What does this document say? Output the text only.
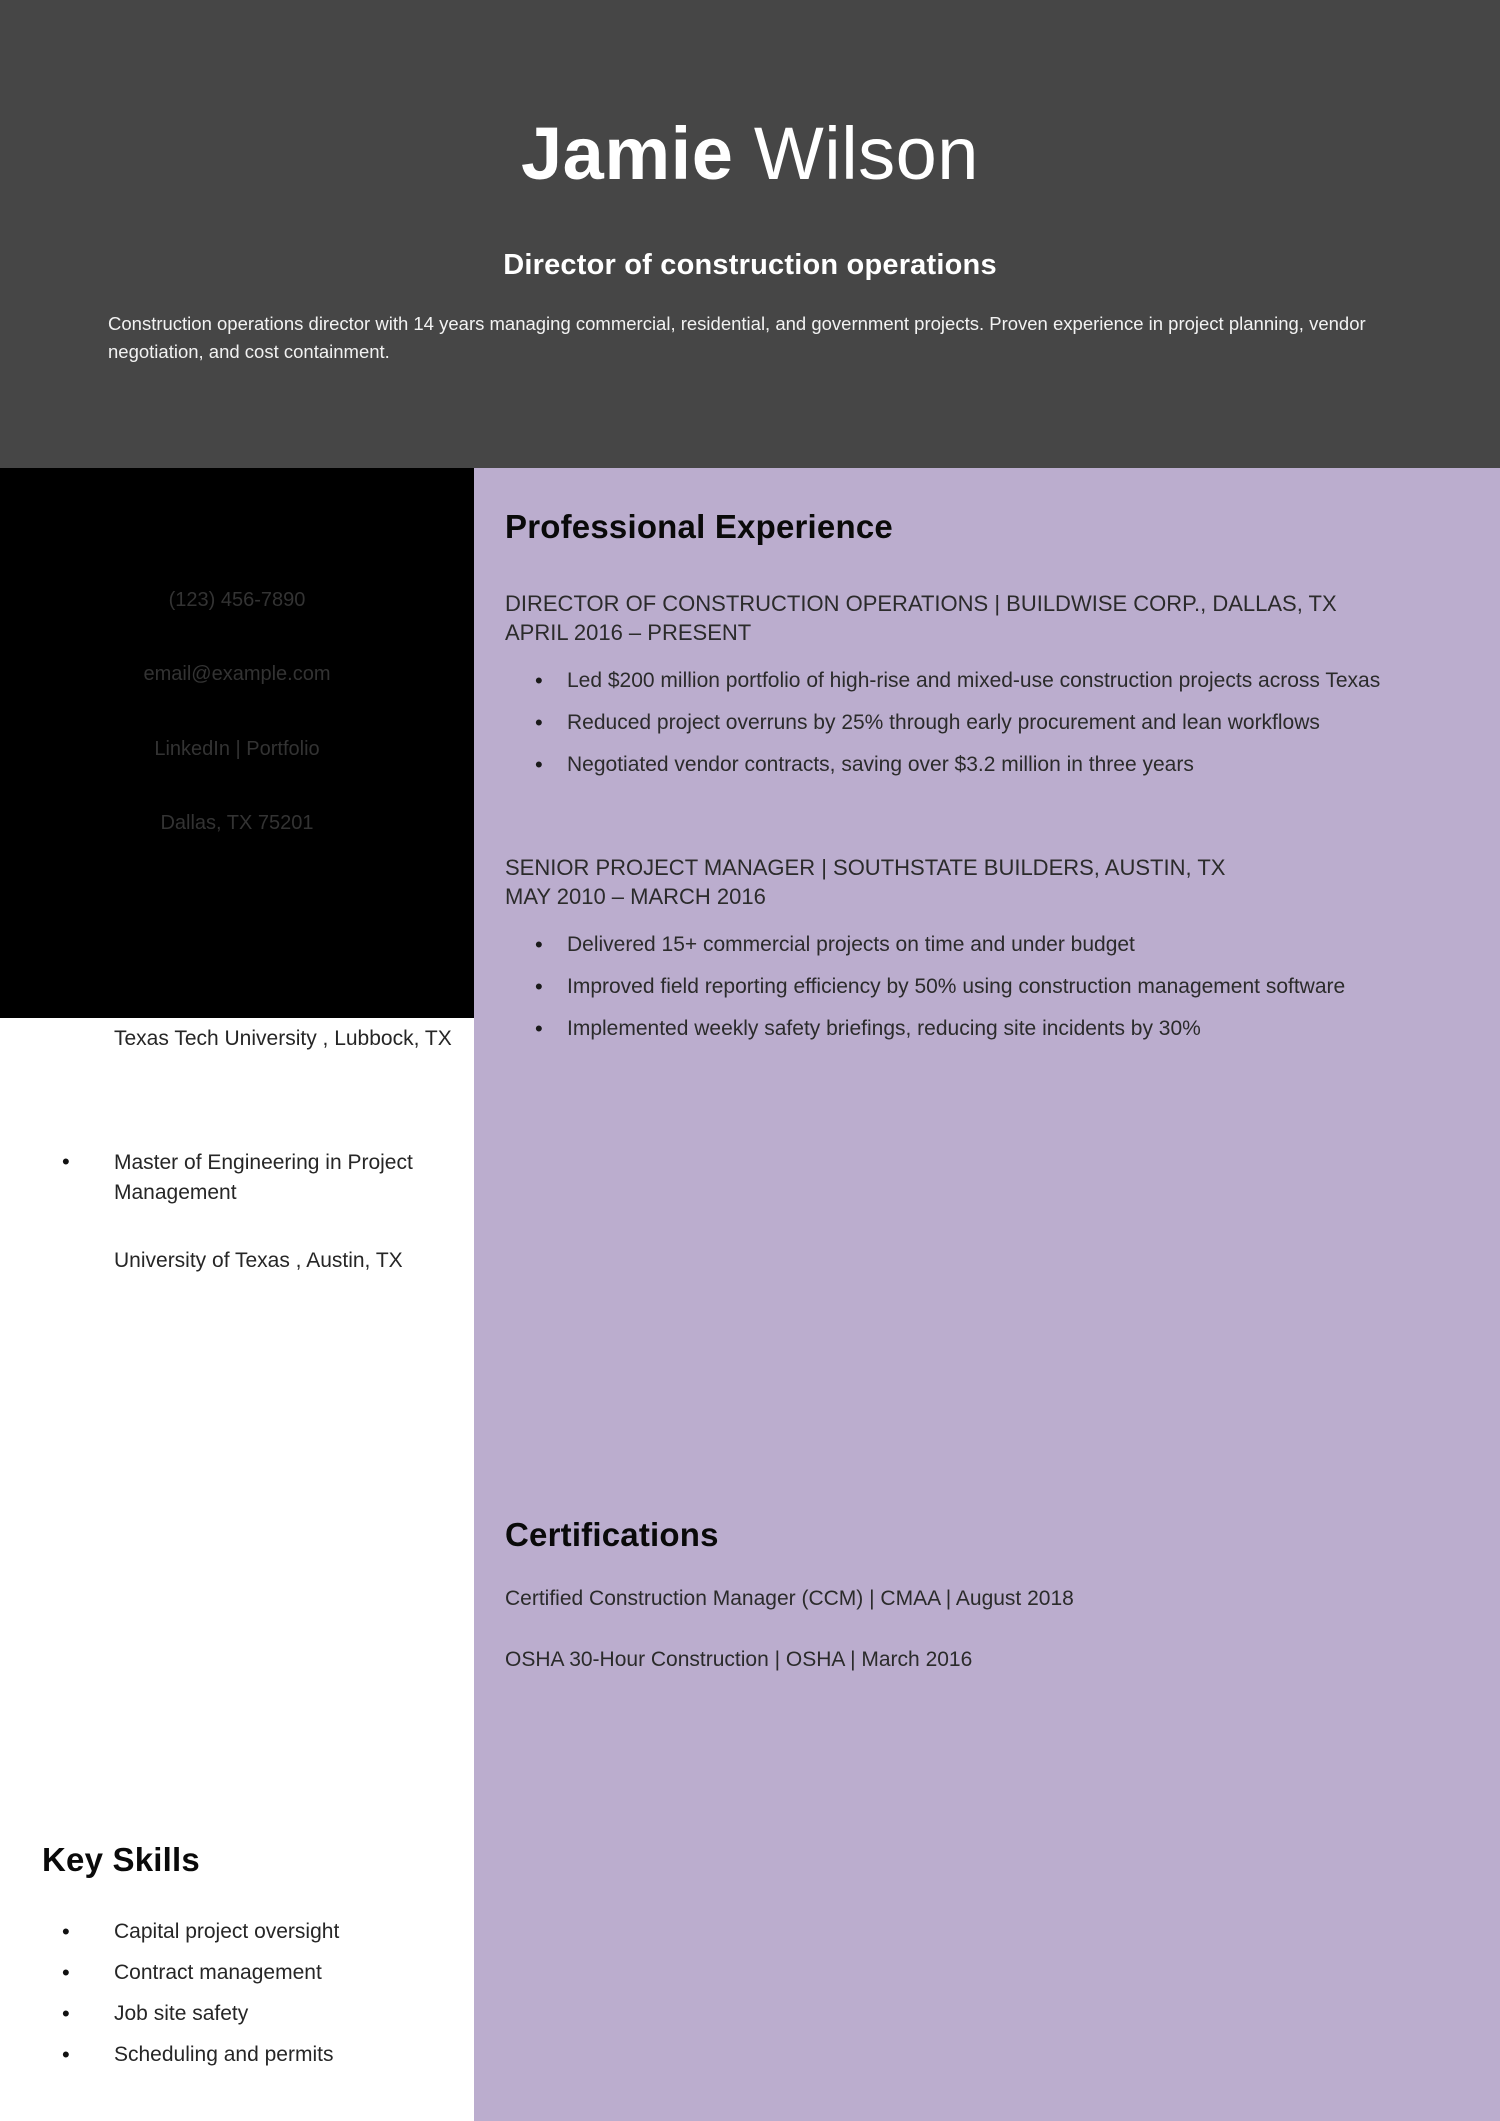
Jamie Wilson
Director of construction operations
Construction operations director with 14 years managing commercial, residential, and government projects. Proven experience in project planning, vendor negotiation, and cost containment.
(123) 456-7890
email@example.com
LinkedIn | Portfolio
Dallas, TX 75201
Texas Tech University , Lubbock, TX
• Master of Engineering in Project Management
University of Texas , Austin, TX
Key Skills
• Capital project oversight
• Contract management
• Job site safety
• Scheduling and permits
Professional Experience
DIRECTOR OF CONSTRUCTION OPERATIONS | BUILDWISE CORP., DALLAS, TX
APRIL 2016 – PRESENT
• Led $200 million portfolio of high-rise and mixed-use construction projects across Texas
• Reduced project overruns by 25% through early procurement and lean workflows
• Negotiated vendor contracts, saving over $3.2 million in three years
SENIOR PROJECT MANAGER | SOUTHSTATE BUILDERS, AUSTIN, TX
MAY 2010 – MARCH 2016
• Delivered 15+ commercial projects on time and under budget
• Improved field reporting efficiency by 50% using construction management software
• Implemented weekly safety briefings, reducing site incidents by 30%
Certifications
Certified Construction Manager (CCM) | CMAA | August 2018
OSHA 30-Hour Construction | OSHA | March 2016
